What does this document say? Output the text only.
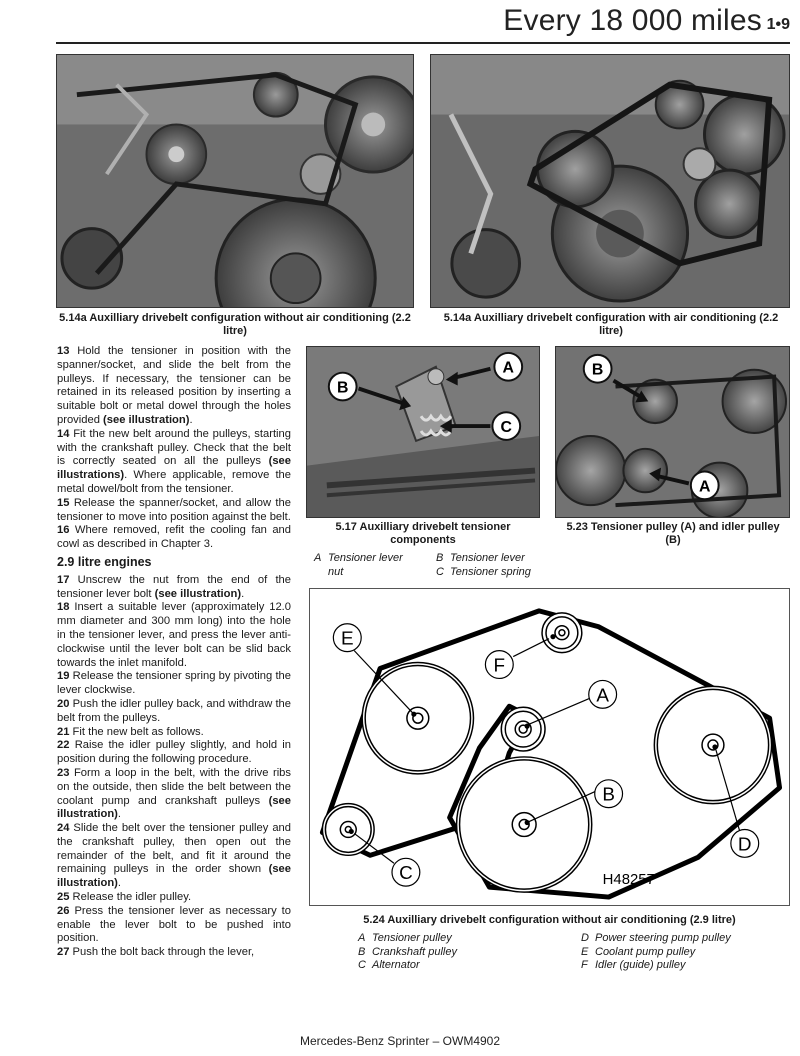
Every 18 000 miles 1•9
5.14a Auxilliary drivebelt configuration without air conditioning (2.2 litre)
5.14a Auxilliary drivebelt configuration with air conditioning (2.2 litre)
A
B
C
5.17 Auxilliary drivebelt tensioner components
B
A
5.23 Tensioner pulley (A) and idler pulley (B)
A Tensioner lever nut
B Tensioner lever
C Tensioner spring

13 Hold the tensioner in position with the spanner/socket, and slide the belt from the pulleys. If necessary, the tensioner can be retained in its released position by inserting a suitable bolt or metal dowel through the holes provided (see illustration).

14 Fit the new belt around the pulleys, starting with the crankshaft pulley. Check that the belt is correctly seated on all the pulleys (see illustrations). Where applicable, remove the metal dowel/bolt from the tensioner.

15 Release the spanner/socket, and allow the tensioner to move into position against the belt.

16 Where removed, refit the cooling fan and cowl as described in Chapter 3.

2.9 litre engines

17 Unscrew the nut from the end of the tensioner lever bolt (see illustration).

18 Insert a suitable lever (approximately 12.0 mm diameter and 300 mm long) into the hole in the tensioner lever, and press the lever anti-clockwise until the lever bolt can be slid back towards the inlet manifold.

19 Release the tensioner spring by pivoting the lever clockwise.

20 Push the idler pulley back, and withdraw the belt from the pulleys.

21 Fit the new belt as follows.

22 Raise the idler pulley slightly, and hold in position during the following procedure.

23 Form a loop in the belt, with the drive ribs on the outside, then slide the belt between the coolant pump and crankshaft pulleys (see illustration).

24 Slide the belt over the tensioner pulley and the crankshaft pulley, then open out the remainder of the belt, and fit it around the remaining pulleys in the order shown (see illustration).

25 Release the idler pulley.

26 Press the tensioner lever as necessary to enable the lever bolt to be pushed into position.

27 Push the bolt back through the lever,

E
F
A
B
D
C	H48257
5.24 Auxilliary drivebelt configuration without air conditioning (2.9 litre)
A Tensioner pulley
B Crankshaft pulley
C Alternator
D Power steering pump pulley
E Coolant pump pulley
F Idler (guide) pulley
Mercedes-Benz Sprinter – OWM4902
